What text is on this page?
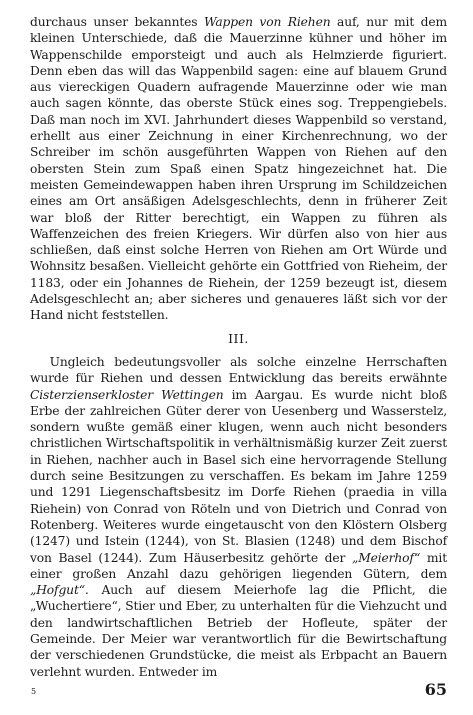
durchaus unser bekanntes Wappen von Riehen auf, nur mit dem kleinen Unterschiede, daß die Mauerzinne kühner und höher im Wappenschilde emporsteigt und auch als Helmzierde figuriert. Denn eben das will das Wappenbild sagen: eine auf blauem Grund aus viereckigen Quadern aufragende Mauerzinne oder wie man auch sagen könnte, das oberste Stück eines sog. Treppengiebels. Daß man noch im XVI. Jahrhundert dieses Wappenbild so verstand, erhellt aus einer Zeichnung in einer Kirchenrechnung, wo der Schreiber im schön ausgeführten Wappen von Riehen auf den obersten Stein zum Spaß einen Spatz hingezeichnet hat. Die meisten Gemeindewappen haben ihren Ursprung im Schildzeichen eines am Ort ansäßigen Adelsgeschlechts, denn in früherer Zeit war bloß der Ritter berechtigt, ein Wappen zu führen als Waffenzeichen des freien Kriegers. Wir dürfen also von hier aus schließen, daß einst solche Herren von Riehen am Ort Würde und Wohnsitz besaßen. Vielleicht gehörte ein Gottfried von Rieheim, der 1183, oder ein Johannes de Riehein, der 1259 bezeugt ist, diesem Adelsgeschlecht an; aber sicheres und genaueres läßt sich vor der Hand nicht feststellen.

III.

Ungleich bedeutungsvoller als solche einzelne Herrschaften wurde für Riehen und dessen Entwicklung das bereits erwähnte Cisterzienserkloster Wettingen im Aargau. Es wurde nicht bloß Erbe der zahlreichen Güter derer von Uesenberg und Wasserstelz, sondern wußte gemäß einer klugen, wenn auch nicht besonders christlichen Wirtschaftspolitik in verhältnismäßig kurzer Zeit zuerst in Riehen, nachher auch in Basel sich eine hervorragende Stellung durch seine Besitzungen zu verschaffen. Es bekam im Jahre 1259 und 1291 Liegenschaftsbesitz im Dorfe Riehen (praedia in villa Riehein) von Conrad von Röteln und von Dietrich und Conrad von Rotenberg. Weiteres wurde eingetauscht von den Klöstern Olsberg (1247) und Istein (1244), von St. Blasien (1248) und dem Bischof von Basel (1244). Zum Häuserbesitz gehörte der „Meierhof“ mit einer großen Anzahl dazu gehörigen liegenden Gütern, dem „Hofgut“. Auch auf diesem Meierhofe lag die Pflicht, die „Wuchertiere“, Stier und Eber, zu unterhalten für die Viehzucht und den landwirtschaftlichen Betrieb der Hofleute, später der Gemeinde. Der Meier war verantwortlich für die Bewirtschaftung der verschiedenen Grundstücke, die meist als Erbpacht an Bauern verlehnt wurden. Entweder im

5	65
